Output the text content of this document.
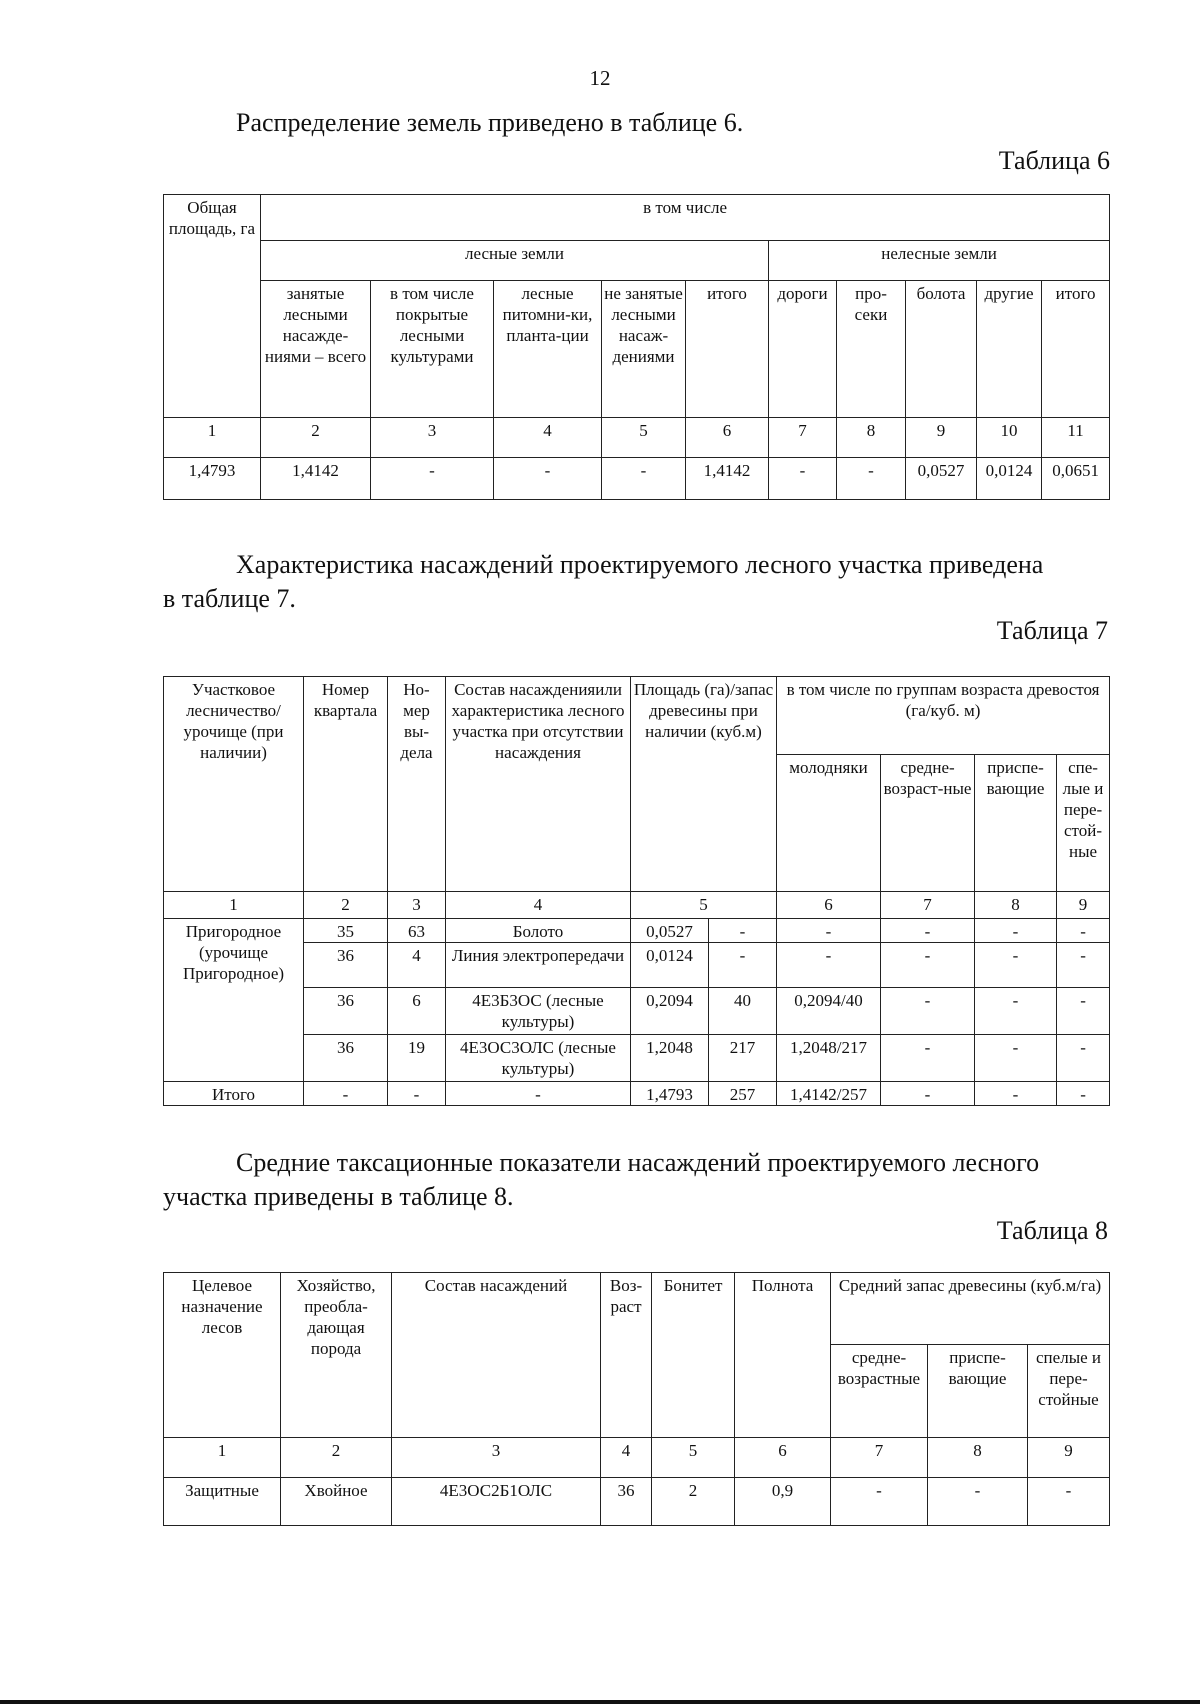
12
Распределение земель приведено в таблице 6.
Таблица 6
Общая площадь, га	в том числе									
	лесные земли					нелесные земли				
	занятые лесными насажде-ниями – всего	в том числе покрытые лесными культурами	лесные питомни-ки, планта-ции	не занятые лесными насаж-дениями	итого	дороги	про-секи	болота	другие	итого
1	2	3	4	5	6	7	8	9	10	11
1,4793	1,4142	-	-	-	1,4142	-	-	0,0527	0,0124	0,0651
Характеристика насаждений проектируемого лесного участка приведена
в таблице 7.
Таблица 7
Участковое лесничество/ урочище (при наличии)	Номер квартала	Но-мер вы-дела	Состав насажденияили характеристика лесного участка при отсутствии насаждения	Площадь (га)/запас древесины при наличии (куб.м)		в том числе по группам возраста древостоя (га/куб. м)			
						молодняки	средне-возраст-ные	приспе-вающие	спе-лые и пере-стой-ные
1	2	3	4	5		6	7	8	9
Пригородное (урочище Пригородное)	35	63	Болото	0,0527	-	-	-	-	-
	36	4	Линия электропередачи	0,0124	-	-	-	-	-
	36	6	4Е3Б3ОС (лесные культуры)	0,2094	40	0,2094/40	-	-	-
	36	19	4Е3ОС3ОЛС (лесные культуры)	1,2048	217	1,2048/217	-	-	-
Итого	-	-	-	1,4793	257	1,4142/257	-	-	-
Средние таксационные показатели насаждений проектируемого лесного
участка приведены в таблице 8.
Таблица 8
Целевое назначение лесов	Хозяйство, преобла-дающая порода	Состав насаждений	Воз-раст	Бонитет	Полнота	Средний запас древесины (куб.м/га)		
						средне-возрастные	приспе-вающие	спелые и пере-стойные
1	2	3	4	5	6	7	8	9
Защитные	Хвойное	4Е3ОС2Б1ОЛС	36	2	0,9	-	-	-
